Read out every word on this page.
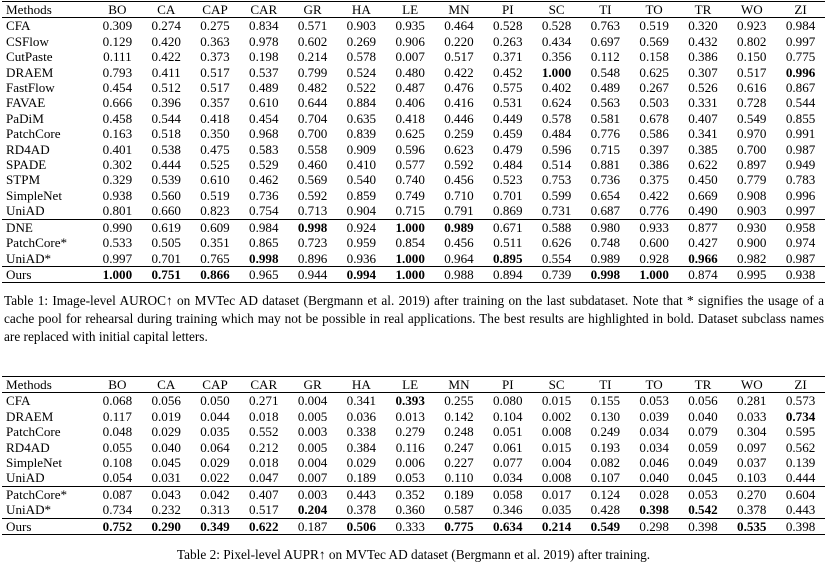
Methods	BO	CA	CAP	CAR	GR	HA	LE	MN	PI	SC	TI	TO	TR	WO	ZI
CFA	0.309	0.274	0.275	0.834	0.571	0.903	0.935	0.464	0.528	0.528	0.763	0.519	0.320	0.923	0.984
CSFlow	0.129	0.420	0.363	0.978	0.602	0.269	0.906	0.220	0.263	0.434	0.697	0.569	0.432	0.802	0.997
CutPaste	0.111	0.422	0.373	0.198	0.214	0.578	0.007	0.517	0.371	0.356	0.112	0.158	0.386	0.150	0.775
DRAEM	0.793	0.411	0.517	0.537	0.799	0.524	0.480	0.422	0.452	1.000	0.548	0.625	0.307	0.517	0.996
FastFlow	0.454	0.512	0.517	0.489	0.482	0.522	0.487	0.476	0.575	0.402	0.489	0.267	0.526	0.616	0.867
FAVAE	0.666	0.396	0.357	0.610	0.644	0.884	0.406	0.416	0.531	0.624	0.563	0.503	0.331	0.728	0.544
PaDiM	0.458	0.544	0.418	0.454	0.704	0.635	0.418	0.446	0.449	0.578	0.581	0.678	0.407	0.549	0.855
PatchCore	0.163	0.518	0.350	0.968	0.700	0.839	0.625	0.259	0.459	0.484	0.776	0.586	0.341	0.970	0.991
RD4AD	0.401	0.538	0.475	0.583	0.558	0.909	0.596	0.623	0.479	0.596	0.715	0.397	0.385	0.700	0.987
SPADE	0.302	0.444	0.525	0.529	0.460	0.410	0.577	0.592	0.484	0.514	0.881	0.386	0.622	0.897	0.949
STPM	0.329	0.539	0.610	0.462	0.569	0.540	0.740	0.456	0.523	0.753	0.736	0.375	0.450	0.779	0.783
SimpleNet	0.938	0.560	0.519	0.736	0.592	0.859	0.749	0.710	0.701	0.599	0.654	0.422	0.669	0.908	0.996
UniAD	0.801	0.660	0.823	0.754	0.713	0.904	0.715	0.791	0.869	0.731	0.687	0.776	0.490	0.903	0.997
DNE	0.990	0.619	0.609	0.984	0.998	0.924	1.000	0.989	0.671	0.588	0.980	0.933	0.877	0.930	0.958
PatchCore*	0.533	0.505	0.351	0.865	0.723	0.959	0.854	0.456	0.511	0.626	0.748	0.600	0.427	0.900	0.974
UniAD*	0.997	0.701	0.765	0.998	0.896	0.936	1.000	0.964	0.895	0.554	0.989	0.928	0.966	0.982	0.987
Ours	1.000	0.751	0.866	0.965	0.944	0.994	1.000	0.988	0.894	0.739	0.998	1.000	0.874	0.995	0.938
Table 1: Image-level AUROC↑ on MVTec AD dataset (Bergmann et al. 2019) after training on the last subdataset. Note that * signifies the usage of a cache pool for rehearsal during training which may not be possible in real applications. The best results are highlighted in bold. Dataset subclass names are replaced with initial capital letters.
Methods	BO	CA	CAP	CAR	GR	HA	LE	MN	PI	SC	TI	TO	TR	WO	ZI
CFA	0.068	0.056	0.050	0.271	0.004	0.341	0.393	0.255	0.080	0.015	0.155	0.053	0.056	0.281	0.573
DRAEM	0.117	0.019	0.044	0.018	0.005	0.036	0.013	0.142	0.104	0.002	0.130	0.039	0.040	0.033	0.734
PatchCore	0.048	0.029	0.035	0.552	0.003	0.338	0.279	0.248	0.051	0.008	0.249	0.034	0.079	0.304	0.595
RD4AD	0.055	0.040	0.064	0.212	0.005	0.384	0.116	0.247	0.061	0.015	0.193	0.034	0.059	0.097	0.562
SimpleNet	0.108	0.045	0.029	0.018	0.004	0.029	0.006	0.227	0.077	0.004	0.082	0.046	0.049	0.037	0.139
UniAD	0.054	0.031	0.022	0.047	0.007	0.189	0.053	0.110	0.034	0.008	0.107	0.040	0.045	0.103	0.444
PatchCore*	0.087	0.043	0.042	0.407	0.003	0.443	0.352	0.189	0.058	0.017	0.124	0.028	0.053	0.270	0.604
UniAD*	0.734	0.232	0.313	0.517	0.204	0.378	0.360	0.587	0.346	0.035	0.428	0.398	0.542	0.378	0.443
Ours	0.752	0.290	0.349	0.622	0.187	0.506	0.333	0.775	0.634	0.214	0.549	0.298	0.398	0.535	0.398
Table 2: Pixel-level AUPR↑ on MVTec AD dataset (Bergmann et al. 2019) after training.
